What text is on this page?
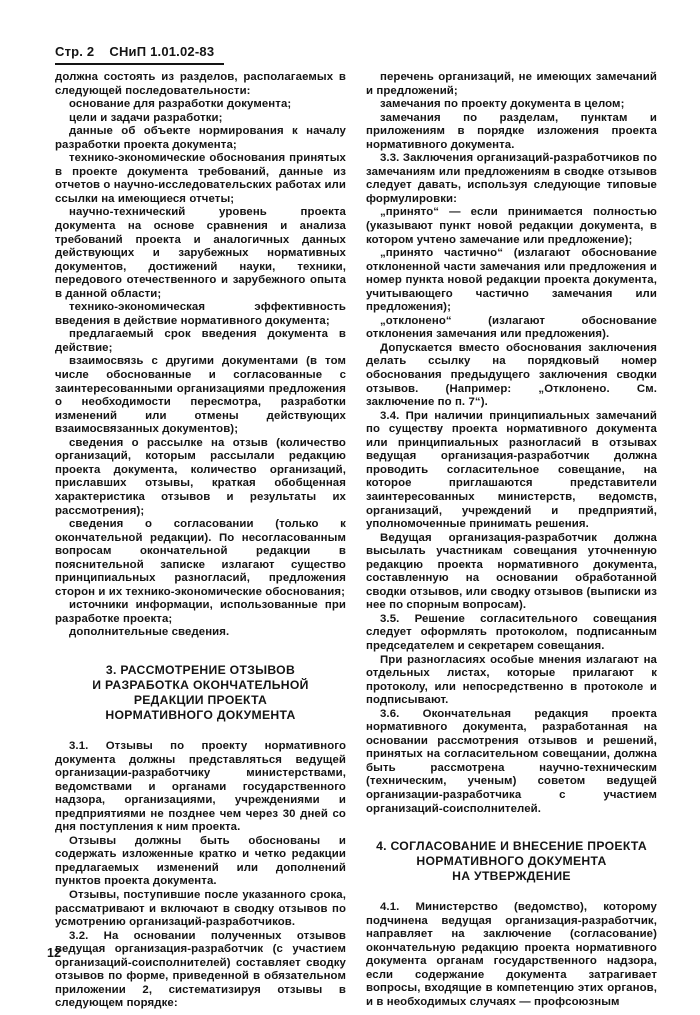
Стр. 2 СНиП 1.01.02-83

должна состоять из разделов, располагаемых в следующей последовательности:

основание для разработки документа;

цели и задачи разработки;

данные об объекте нормирования к началу разработки проекта документа;

технико-экономические обоснования принятых в проекте документа требований, данные из отчетов о научно-исследовательских работах или ссылки на имеющиеся отчеты;

научно-технический уровень проекта документа на основе сравнения и анализа требований проекта и аналогичных данных действующих и зарубежных нормативных документов, достижений науки, техники, передового отечественного и зарубежного опыта в данной области;

технико-экономическая эффективность введения в действие нормативного документа;

предлагаемый срок введения документа в действие;

взаимосвязь с другими документами (в том числе обоснованные и согласованные с заинтересованными организациями предложения о необходимости пересмотра, разработки изменений или отмены действующих взаимосвязанных документов);

сведения о рассылке на отзыв (количество организаций, которым рассылали редакцию проекта документа, количество организаций, приславших отзывы, краткая обобщенная характеристика отзывов и результаты их рассмотрения);

сведения о согласовании (только к окончательной редакции). По несогласованным вопросам окончательной редакции в пояснительной записке излагают существо принципиальных разногласий, предложения сторон и их технико-экономические обоснования;

источники информации, использованные при разработке проекта;

дополнительные сведения.

3. РАССМОТРЕНИЕ ОТЗЫВОВ
И РАЗРАБОТКА ОКОНЧАТЕЛЬНОЙ
РЕДАКЦИИ ПРОЕКТА
НОРМАТИВНОГО ДОКУМЕНТА

3.1. Отзывы по проекту нормативного документа должны представляться ведущей организации-разработчику министерствами, ведомствами и органами государственного надзора, организациями, учреждениями и предприятиями не позднее чем через 30 дней со дня поступления к ним проекта.

Отзывы должны быть обоснованы и содержать изложенные кратко и четко редакции предлагаемых изменений или дополнений пунктов проекта документа.

Отзывы, поступившие после указанного срока, рассматривают и включают в сводку отзывов по усмотрению организаций-разработчиков.

3.2. На основании полученных отзывов ведущая организация-разработчик (с участием организаций-соисполнителей) составляет сводку отзывов по форме, приведенной в обязательном приложении 2, систематизируя отзывы в следующем порядке:

перечень организаций, не имеющих замечаний и предложений;

замечания по проекту документа в целом;

замечания по разделам, пунктам и приложениям в порядке изложения проекта нормативного документа.

3.3. Заключения организаций-разработчиков по замечаниям или предложениям в сводке отзывов следует давать, используя следующие типовые формулировки:

„принято“ — если принимается полностью (указывают пункт новой редакции документа, в котором учтено замечание или предложение);

„принято частично“ (излагают обоснование отклоненной части замечания или предложения и номер пункта новой редакции проекта документа, учитывающего частично замечания или предложения);

„отклонено“ (излагают обоснование отклонения замечания или предложения).

Допускается вместо обоснования заключения делать ссылку на порядковый номер обоснования предыдущего заключения сводки отзывов. (Например: „Отклонено. См. заключение по п. 7“).

3.4. При наличии принципиальных замечаний по существу проекта нормативного документа или принципиальных разногласий в отзывах ведущая организация-разработчик должна проводить согласительное совещание, на которое приглашаются представители заинтересованных министерств, ведомств, организаций, учреждений и предприятий, уполномоченные принимать решения.

Ведущая организация-разработчик должна высылать участникам совещания уточненную редакцию проекта нормативного документа, составленную на основании обработанной сводки отзывов, или сводку отзывов (выписки из нее по спорным вопросам).

3.5. Решение согласительного совещания следует оформлять протоколом, подписанным председателем и секретарем совещания.

При разногласиях особые мнения излагают на отдельных листах, которые прилагают к протоколу, или непосредственно в протоколе и подписывают.

3.6. Окончательная редакция проекта нормативного документа, разработанная на основании рассмотрения отзывов и решений, принятых на согласительном совещании, должна быть рассмотрена научно-техническим (техническим, ученым) советом ведущей организации-разработчика с участием организаций-соисполнителей.

4. СОГЛАСОВАНИЕ И ВНЕСЕНИЕ ПРОЕКТА
НОРМАТИВНОГО ДОКУМЕНТА
НА УТВЕРЖДЕНИЕ

4.1. Министерство (ведомство), которому подчинена ведущая организация-разработчик, направляет на заключение (согласование) окончательную редакцию проекта нормативного документа органам государственного надзора, если содержание документа затрагивает вопросы, входящие в компетенцию этих органов, и в необходимых случаях — профсоюзным

12
